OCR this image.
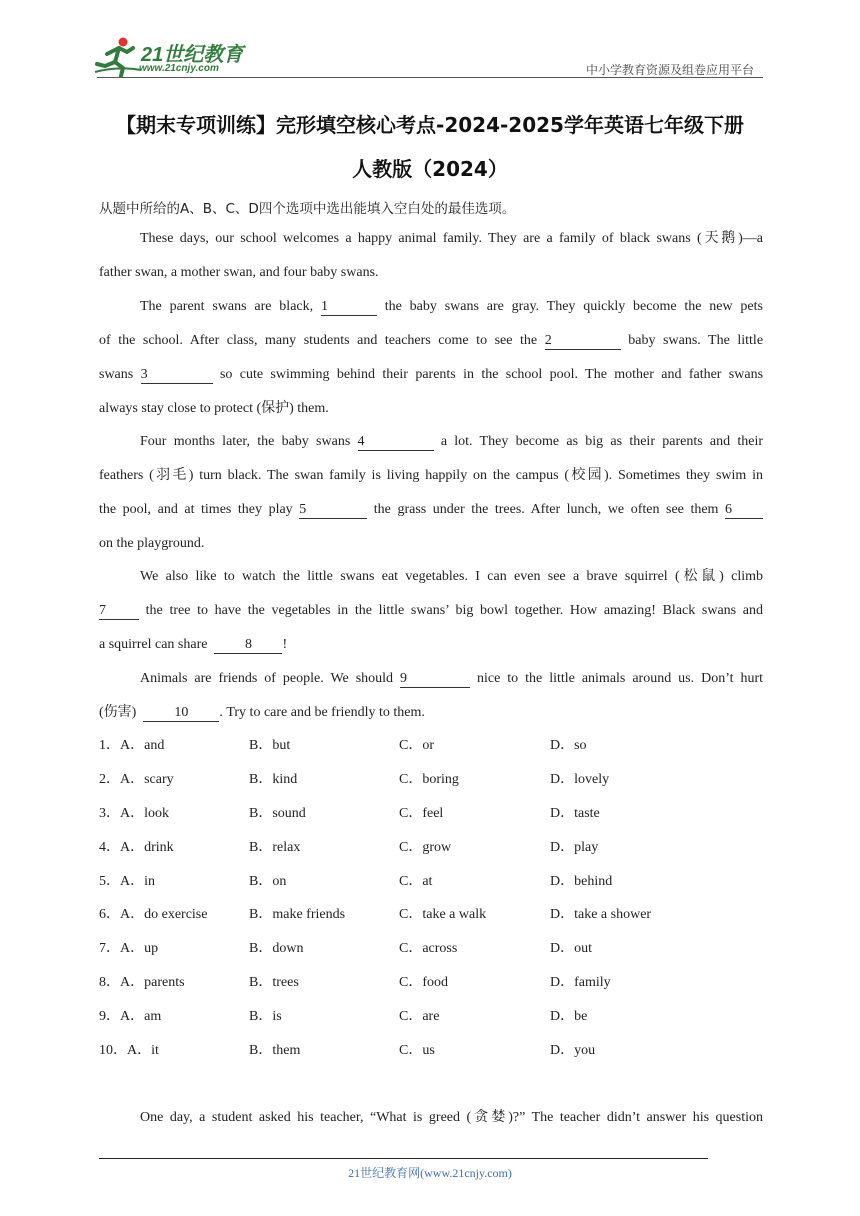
21世纪教育
www.21cnjy.com	中小学教育资源及组卷应用平台
【期末专项训练】完形填空核心考点-2024-2025学年英语七年级下册
人教版（2024）
从题中所给的A、B、C、D四个选项中选出能填入空白处的最佳选项。
These days, our school welcomes a happy animal family. They are a family of black swans (天鹅)—a
father swan, a mother swan, and four baby swans.
The parent swans are black, 1	the baby swans are gray. They quickly become the new pets
of the school. After class, many students and teachers come to see the 2	baby swans. The little
swans 3	so cute swimming behind their parents in the school pool. The mother and father swans
always stay close to protect (保护) them.
Four months later, the baby swans 4	a lot. They become as big as their parents and their
feathers (羽毛) turn black. The swan family is living happily on the campus (校园). Sometimes they swim in
the pool, and at times they play 5	the grass under the trees. After lunch, we often see them 6
on the playground.
We also like to watch the little swans eat vegetables. I can even see a brave squirrel (松鼠) climb
7	the tree to have the vegetables in the little swans’ big bowl together. How amazing! Black swans and
a squirrel can share	8 !
Animals are friends of people. We should 9	nice to the little animals around us. Don’t hurt
(伤害)	10 . Try to care and be friendly to them.
1．A．and	B．but	C．or	D．so
2．A．scary	B．kind	C．boring	D．lovely
3．A．look	B．sound	C．feel	D．taste
4．A．drink	B．relax	C．grow	D．play
5．A．in	B．on	C．at	D．behind
6．A．do exercise	B．make friends	C．take a walk	D．take a shower
7．A．up	B．down	C．across	D．out
8．A．parents	B．trees	C．food	D．family
9．A．am	B．is	C．are	D．be
10．A．it	B．them	C．us	D．you
One day, a student asked his teacher, “What is greed (贪婪)?” The teacher didn’t answer his question
21世纪教育网(www.21cnjy.com)
